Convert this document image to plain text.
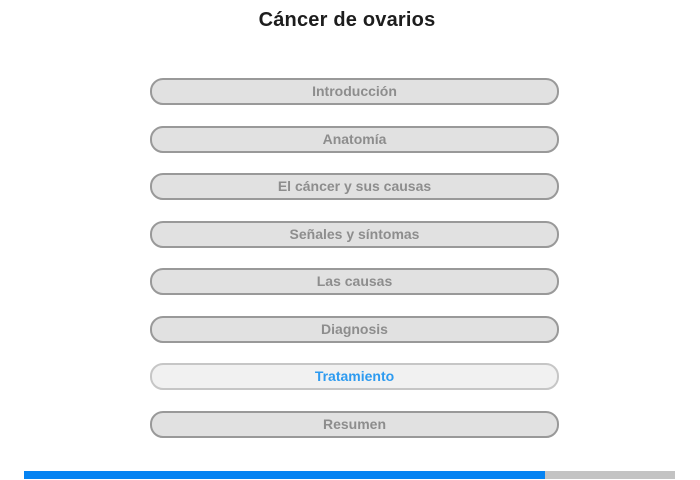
Cáncer de ovarios
Introducción
Anatomía
El cáncer y sus causas
Señales y síntomas
Las causas
Diagnosis
Tratamiento
Resumen
